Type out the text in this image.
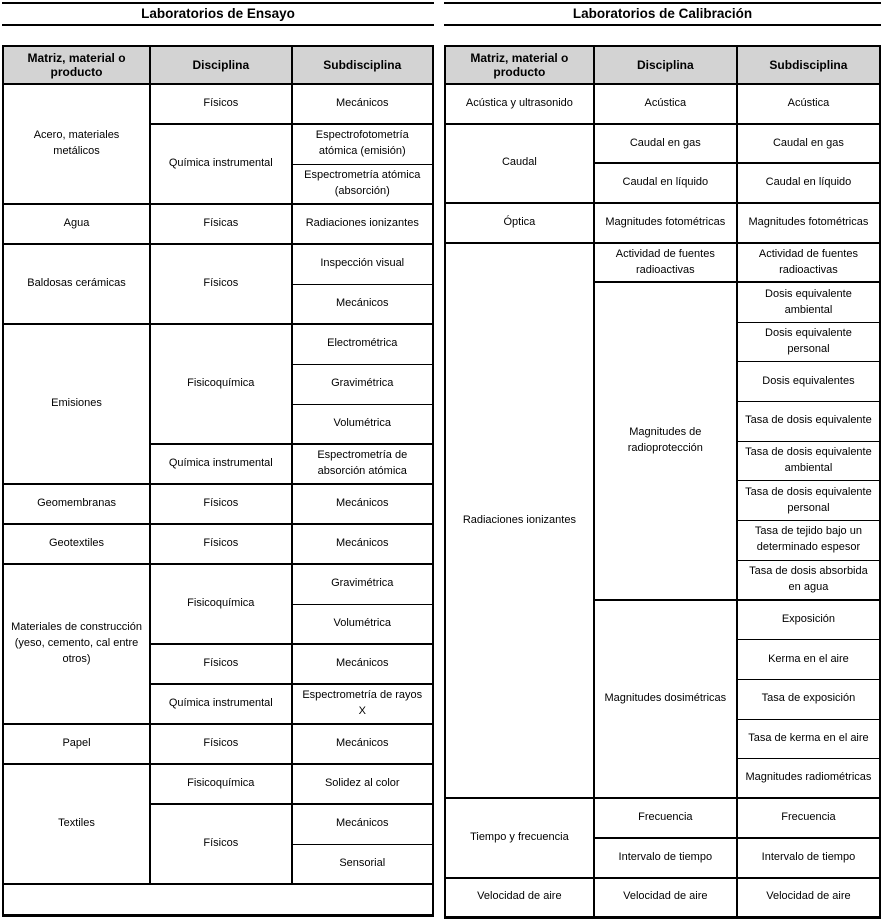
Laboratorios de Ensayo
Matriz, material o producto	Disciplina	Subdisciplina
Acero, materiales metálicos	Físicos	Mecánicos
	Química instrumental	Espectrofotometría atómica (emisión)
		Espectrometría atómica (absorción)
Agua	Físicas	Radiaciones ionizantes
Baldosas cerámicas	Físicos	Inspección visual
		Mecánicos
Emisiones	Fisicoquímica	Electrométrica
		Gravimétrica
		Volumétrica
	Química instrumental	Espectrometría de absorción atómica
Geomembranas	Físicos	Mecánicos
Geotextiles	Físicos	Mecánicos
Materiales de construcción (yeso, cemento, cal entre otros)	Fisicoquímica	Gravimétrica
		Volumétrica
	Físicos	Mecánicos
	Química instrumental	Espectrometría de rayos X
Papel	Físicos	Mecánicos
Textiles	Fisicoquímica	Solidez al color
	Físicos	Mecánicos
		Sensorial

Laboratorios de Calibración
Matriz, material o producto	Disciplina	Subdisciplina
Acústica y ultrasonido	Acústica	Acústica
Caudal	Caudal en gas	Caudal en gas
	Caudal en líquido	Caudal en líquido
Óptica	Magnitudes fotométricas	Magnitudes fotométricas
Radiaciones ionizantes	Actividad de fuentes radioactivas	Actividad de fuentes radioactivas
	Magnitudes de radioprotección	Dosis equivalente ambiental
		Dosis equivalente personal
		Dosis equivalentes
		Tasa de dosis equivalente
		Tasa de dosis equivalente ambiental
		Tasa de dosis equivalente personal
		Tasa de tejido bajo un determinado espesor
		Tasa de dosis absorbida en agua
	Magnitudes dosimétricas	Exposición
		Kerma en el aire
		Tasa de exposición
		Tasa de kerma en el aire
		Magnitudes radiométricas
Tiempo y frecuencia	Frecuencia	Frecuencia
	Intervalo de tiempo	Intervalo de tiempo
Velocidad de aire	Velocidad de aire	Velocidad de aire
